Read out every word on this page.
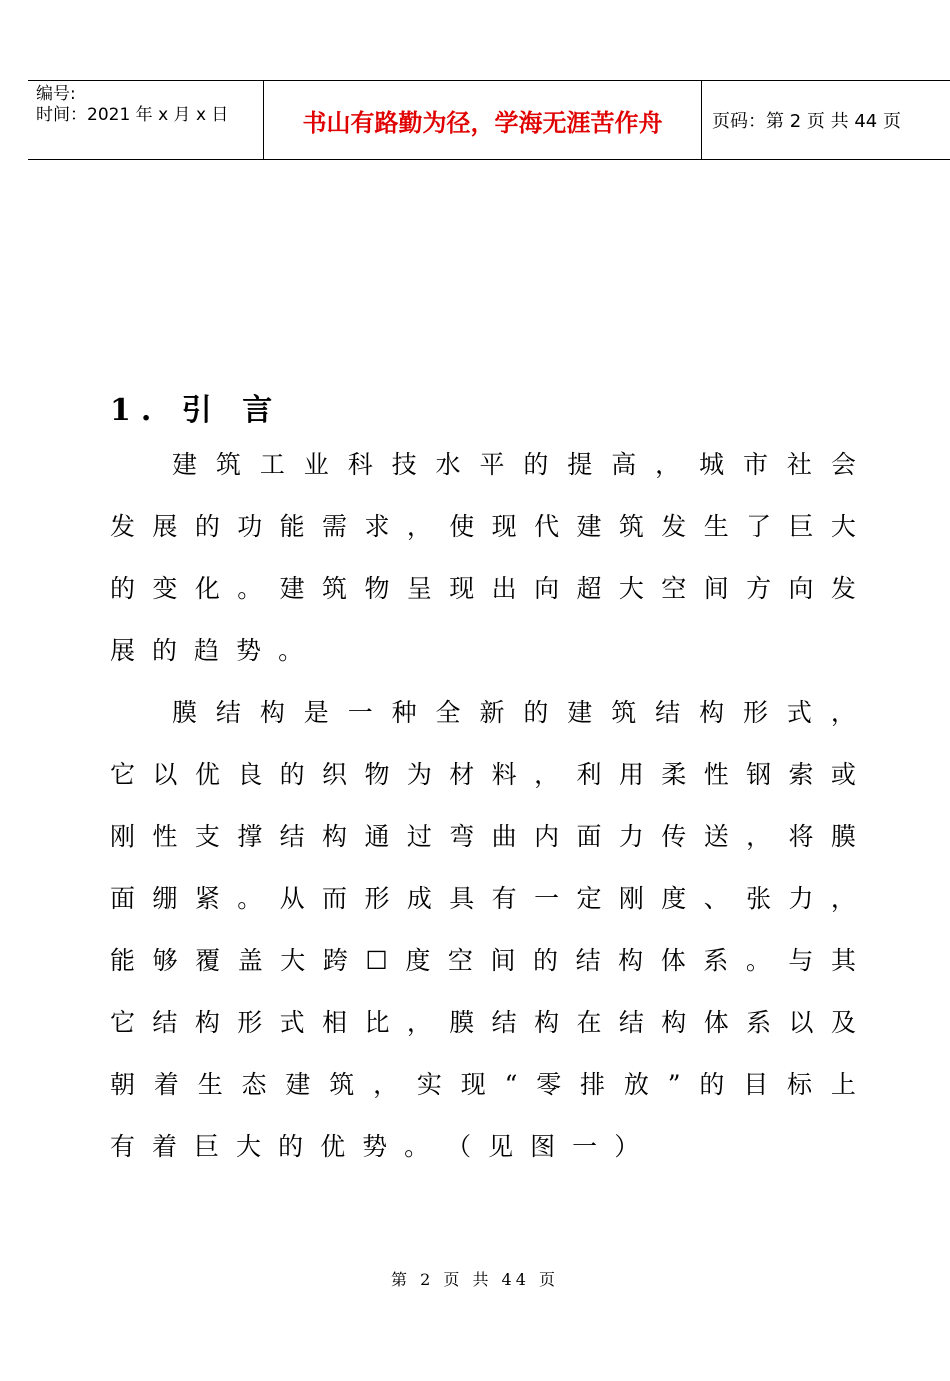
编号:
时间：2021 年 x 月 x 日	书山有路勤为径，学海无涯苦作舟	页码：第 2 页 共 44 页
1. 引 言
建 筑 工 业 科 技 水 平 的 提 高 ， 城 市 社 会
发 展 的 功 能 需 求 ， 使 现 代 建 筑 发 生 了 巨 大
的 变 化 。 建 筑 物 呈 现 出 向 超 大 空 间 方 向 发
展 的 趋 势 。
膜 结 构 是 一 种 全 新 的 建 筑 结 构 形 式 ，
它 以 优 良 的 织 物 为 材 料 ， 利 用 柔 性 钢 索 或
刚 性 支 撑 结 构 通 过 弯 曲 内 面 力 传 送 ， 将 膜
面 绷 紧 。 从 而 形 成 具 有 一 定 刚 度 、 张 力 ，
能 够 覆 盖 大 跨 ☐ 度 空 间 的 结 构 体 系 。 与 其
它 结 构 形 式 相 比 ， 膜 结 构 在 结 构 体 系 以 及
朝 着 生 态 建 筑 ， 实 现 “ 零 排 放 ” 的 目 标 上
有 着 巨 大 的 优 势 。 （ 见 图 一 ）
第 2 页 共 44 页
